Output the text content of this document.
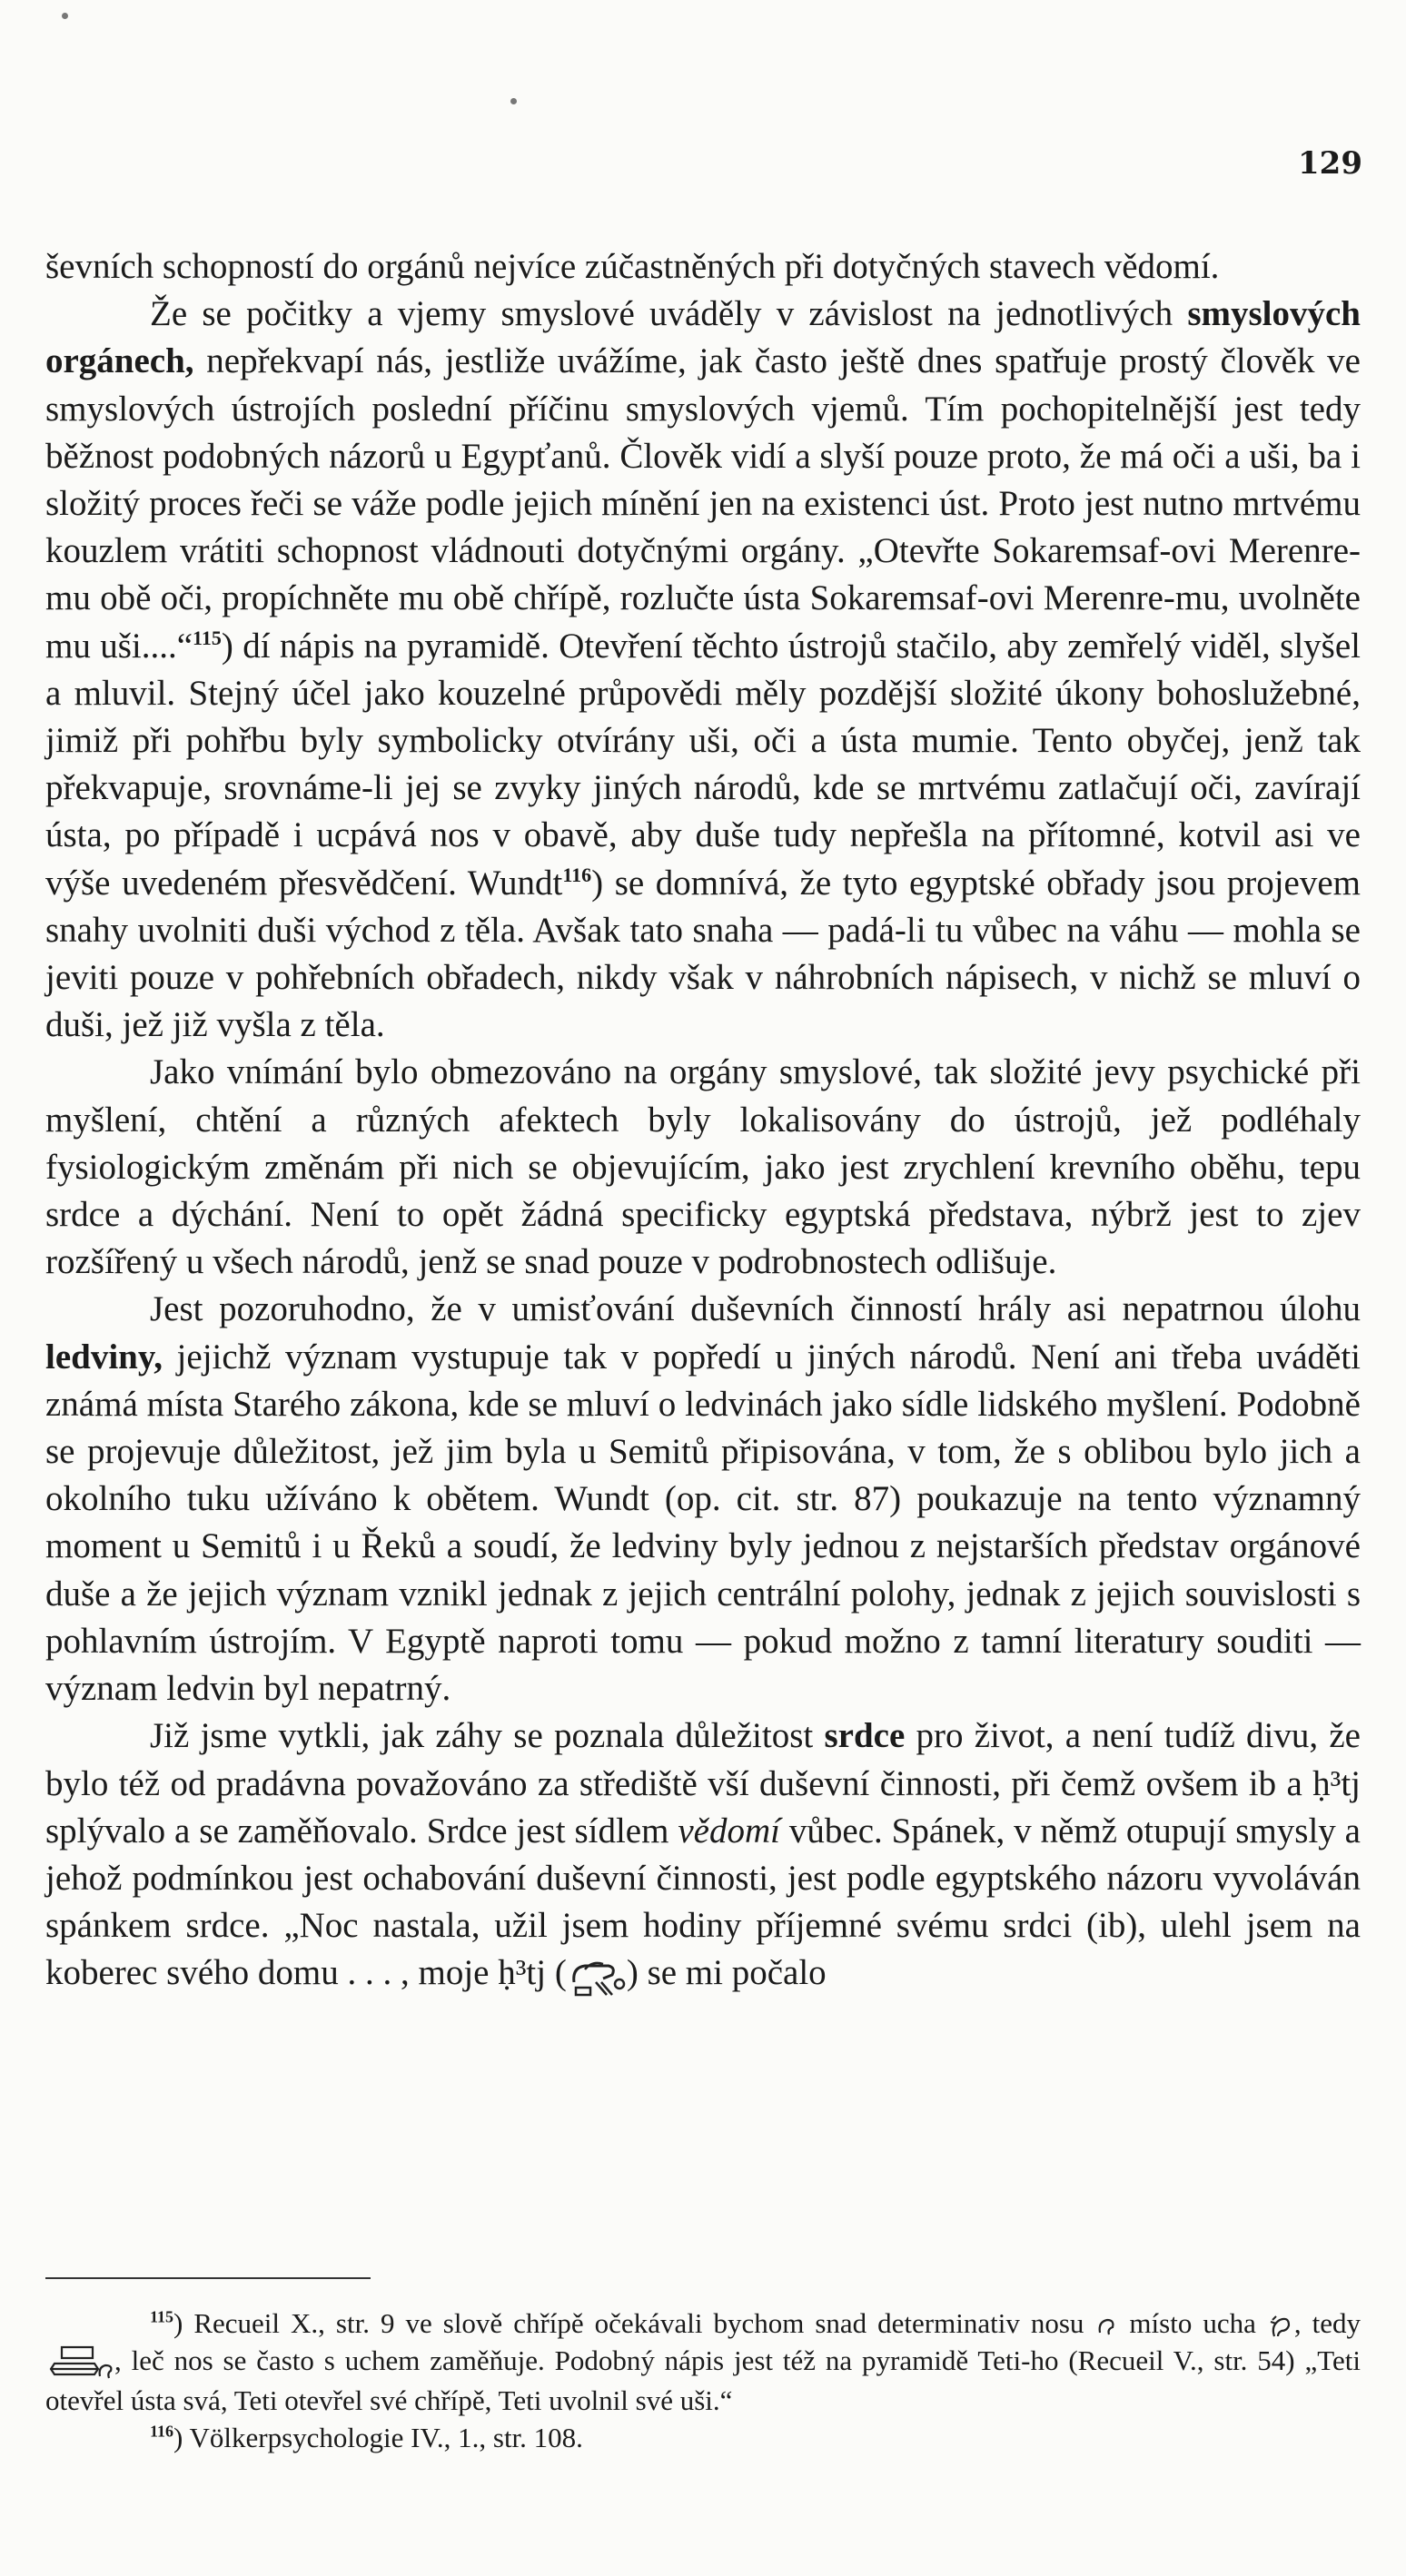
129

ševních schopností do orgánů nejvíce zúčastněných při dotyčných stavech vědomí.

Že se počitky a vjemy smyslové uváděly v závislost na jednotlivých smyslových orgánech, nepřekvapí nás, jestliže uvážíme, jak často ještě dnes spatřuje prostý člověk ve smyslových ústrojích poslední příčinu smyslových vjemů. Tím pochopitelnější jest tedy běžnost podobných názorů u Egypťanů. Člověk vidí a slyší pouze proto, že má oči a uši, ba i složitý proces řeči se váže podle jejich mínění jen na existenci úst. Proto jest nutno mrtvému kouzlem vrátiti schopnost vládnouti dotyčnými orgány. „Otevřte Sokaremsaf-ovi Merenre-mu obě oči, propíchněte mu obě chřípě, rozlučte ústa Sokaremsaf-ovi Merenre-mu, uvolněte mu uši....“$^{115}$) dí nápis na pyramidě. Otevření těchto ústrojů stačilo, aby zemřelý viděl, slyšel a mluvil. Stejný účel jako kouzelné průpovědi měly pozdější složité úkony bohoslužebné, jimiž při pohřbu byly symbolicky otvírány uši, oči a ústa mumie. Tento obyčej, jenž tak překvapuje, srovnáme-li jej se zvyky jiných národů, kde se mrtvému zatlačují oči, zavírají ústa, po případě i ucpává nos v obavě, aby duše tudy nepřešla na přítomné, kotvil asi ve výše uvedeném přesvědčení. Wundt$^{116}$) se domnívá, že tyto egyptské obřady jsou projevem snahy uvolniti duši východ z těla. Avšak tato snaha — padá-li tu vůbec na váhu — mohla se jeviti pouze v pohřebních obřadech, nikdy však v náhrobních nápisech, v nichž se mluví o duši, jež již vyšla z těla.

Jako vnímání bylo obmezováno na orgány smyslové, tak složité jevy psychické při myšlení, chtění a různých afektech byly lokalisovány do ústrojů, jež podléhaly fysiologickým změnám při nich se objevujícím, jako jest zrychlení krevního oběhu, tepu srdce a dýchání. Není to opět žádná specificky egyptská představa, nýbrž jest to zjev rozšířený u všech národů, jenž se snad pouze v podrobnostech odlišuje.

Jest pozoruhodno, že v umisťování duševních činností hrály asi nepatrnou úlohu ledviny, jejichž význam vystupuje tak v popředí u jiných národů. Není ani třeba uváděti známá místa Starého zákona, kde se mluví o ledvinách jako sídle lidského myšlení. Podobně se projevuje důležitost, jež jim byla u Semitů připisována, v tom, že s oblibou bylo jich a okolního tuku užíváno k obětem. Wundt (op. cit. str. 87) poukazuje na tento významný moment u Semitů i u Řeků a soudí, že ledviny byly jednou z nejstarších představ orgánové duše a že jejich význam vznikl jednak z jejich centrální polohy, jednak z jejich souvislosti s pohlavním ústrojím. V Egyptě naproti tomu — pokud možno z tamní literatury souditi — význam ledvin byl nepatrný.

Již jsme vytkli, jak záhy se poznala důležitost srdce pro život, a není tudíž divu, že bylo též od pradávna považováno za střediště vší duševní činnosti, při čemž ovšem ib a ḥ³tj splývalo a se zaměňovalo. Srdce jest sídlem vědomí vůbec. Spánek, v němž otupují smysly a jehož podmínkou jest ochabování duševní činnosti, jest podle egyptského názoru vyvoláván spánkem srdce. „Noc nastala, užil jsem hodiny příjemné svému srdci (ib), ulehl jsem na koberec svého domu . . . , moje ḥ³tj ( ) se mi počalo

$^{115}$) Recueil X., str. 9 ve slově chřípě očekávali bychom snad determinativ nosu  místo ucha , tedy , leč nos se často s uchem zaměňuje. Podobný nápis jest též na pyramidě Teti-ho (Recueil V., str. 54) „Teti otevřel ústa svá, Teti otevřel své chřípě, Teti uvolnil své uši.“

$^{116}$) Völkerpsychologie IV., 1., str. 108.
